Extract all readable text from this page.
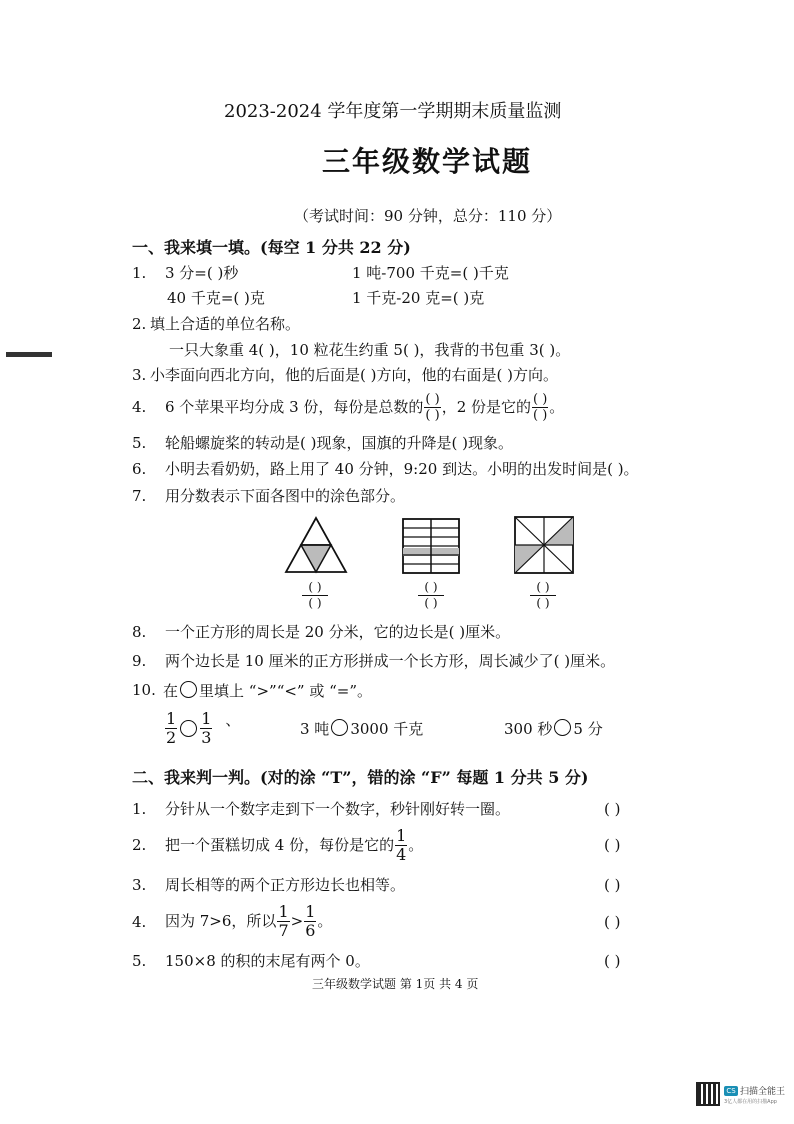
2023-2024 学年度第一学期期末质量监测
三年级数学试题
（考试时间：90 分钟，总分：110 分）
一、我来填一填。(每空 1 分共 22 分)
1. 3 分=( )秒	1 吨-700 千克=( )千克
40 千克=( )克	1 千克-20 克=( )克
2. 填上合适的单位名称。
一只大象重 4( )，10 粒花生约重 5( )，我背的书包重 3( )。
3. 小李面向西北方向，他的后面是( )方向，他的右面是( )方向。
4. 6 个苹果平均分成 3 份，每份是总数的 $\frac{( )}{( )}$ ，2 份是它的 $\frac{( )}{( )}$ 。
5. 轮船螺旋桨的转动是( )现象，国旗的升降是( )现象。
6. 小明去看奶奶，路上用了 40 分钟，9:20 到达。小明的出发时间是( )。
7. 用分数表示下面各图中的涂色部分。
( )
( )
( )
( )
( )
( )
8. 一个正方形的周长是 20 分米，它的边长是( )厘米。
9. 两个边长是 10 厘米的正方形拼成一个长方形，周长减少了( )厘米。
10. 在 里填上 “>”“<” 或 “=”。
$\frac{1}{2} \frac{1}{3}$ 、	3 吨 3000 千克	300 秒 5 分
二、我来判一判。(对的涂 “T”，错的涂 “F” 每题 1 分共 5 分)
1. 分针从一个数字走到下一个数字，秒针刚好转一圈。	( )
2. 把一个蛋糕切成 4 份，每份是它的 $\frac{1}{4}$ 。	( )
3. 周长相等的两个正方形边长也相等。	( )
4. 因为 7>6，所以 $\frac{1}{7} > \frac{1}{6}$ 。	( )
5. 150×8 的积的末尾有两个 0。	( )
三年级数学试题 第 1页 共 4 页
CS 扫描全能王
3亿人都在用的扫描App
